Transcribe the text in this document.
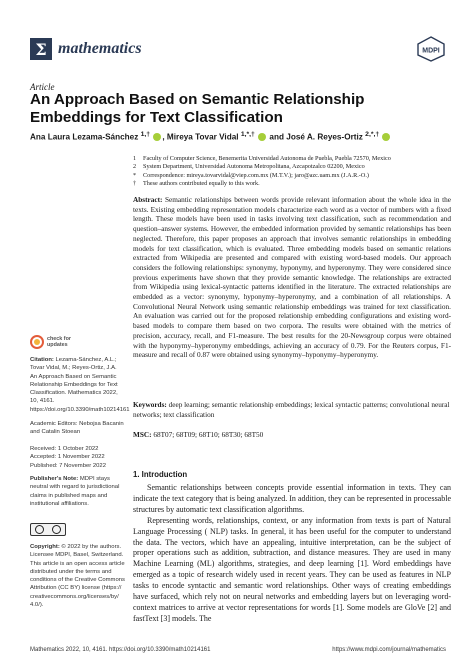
Σ mathematics	MDPI
Article
An Approach Based on Semantic Relationship Embeddings for Text Classification
Ana Laura Lezama-Sánchez $^{1,\dagger}$ , Mireya Tovar Vidal $^{1,*,\dagger}$ and José A. Reyes-Ortiz $^{2,*,\dagger}$
1	Faculty of Computer Science, Benemerita Universidad Autonoma de Puebla, Puebla 72570, Mexico
2	System Department, Universidad Autonoma Metropolitana, Azcapotzalco 02200, Mexico
*	Correspondence: mireya.tovarvidal@viep.com.mx (M.T.V.); jaro@azc.uam.mx (J.A.R.-O.)
†	These authors contributed equally to this work.
Abstract: Semantic relationships between words provide relevant information about the whole idea in the texts. Existing embedding representation models characterize each word as a vector of numbers with a fixed length. These models have been used in tasks involving text classification, such as recommendation and question–answer systems. However, the embedded information provided by semantic relationships has been neglected. Therefore, this paper proposes an approach that involves semantic relationships in embedding models for text classification, which is evaluated. Three embedding models based on semantic relations extracted from Wikipedia are presented and compared with existing word-based models. Our approach considers the following relationships: synonymy, hyponymy, and hyperonymy. They were considered since previous experiments have shown that they provide semantic knowledge. The relationships are extracted from Wikipedia using lexical-syntactic patterns identified in the literature. The extracted relationships are embedded as a vector: synonymy, hyponymy–hyperonymy, and a combination of all relationships. A Convolutional Neural Network using semantic relationship embeddings was trained for text classification. An evaluation was carried out for the proposed relationship embedding configurations and existing word-based models to compare them based on two corpora. The results were obtained with the metrics of precision, accuracy, recall, and F1-measure. The best results for the 20-Newsgroup corpus were obtained with the hyponymy–hyperonymy embeddings, achieving an accuracy of 0.79. For the Reuters corpus, F1-measure and recall of 0.87 were obtained using synonymy–hyponymy–hyperonymy.
Keywords: deep learning; semantic relationship embeddings; lexical syntactic patterns; convolutional neural networks; text classification
MSC: 68T07; 68T09; 68T10; 68T30; 68T50
check for
updates
Citation: Lezama-Sánchez, A.L.; Tovar Vidal, M.; Reyes-Ortiz, J.A. An Approach Based on Semantic Relationship Embeddings for Text Classification. Mathematics 2022, 10, 4161. https://doi.org/10.3390/math10214161
Academic Editors: Nebojsa Bacanin and Catalin Stoean
Received: 1 October 2022
Accepted: 1 November 2022
Published: 7 November 2022
Publisher's Note: MDPI stays neutral with regard to jurisdictional claims in published maps and institutional affiliations.
Copyright: © 2022 by the authors. Licensee MDPI, Basel, Switzerland. This article is an open access article distributed under the terms and conditions of the Creative Commons Attribution (CC BY) license (https:// creativecommons.org/licenses/by/ 4.0/).
1. Introduction

Semantic relationships between concepts provide essential information in texts. They can indicate the text category that is being analyzed. In addition, they can be represented in processable structures by automatic text classification algorithms.

Representing words, relationships, context, or any information from texts is part of Natural Language Processing ( NLP) tasks. In general, it has been useful for the computer to understand the data. The vectors, which have an appealing, intuitive interpretation, can be the subject of proper operations such as addition, subtraction, and distance measures. They are used in many Machine Learning (ML) algorithms, strategies, and deep learning [1]. Word embeddings have emerged as a topic of research widely used in recent years. They can be used as features in NLP tasks to encode syntactic and semantic word relationships. Other ways of creating embeddings have surfaced, which rely not on neural networks and embedding layers but on leveraging word-context matrices to arrive at vector representations for words [1]. Some models are GloVe [2] and fastText [3] models. The

Mathematics 2022, 10, 4161. https://doi.org/10.3390/math10214161	https://www.mdpi.com/journal/mathematics
